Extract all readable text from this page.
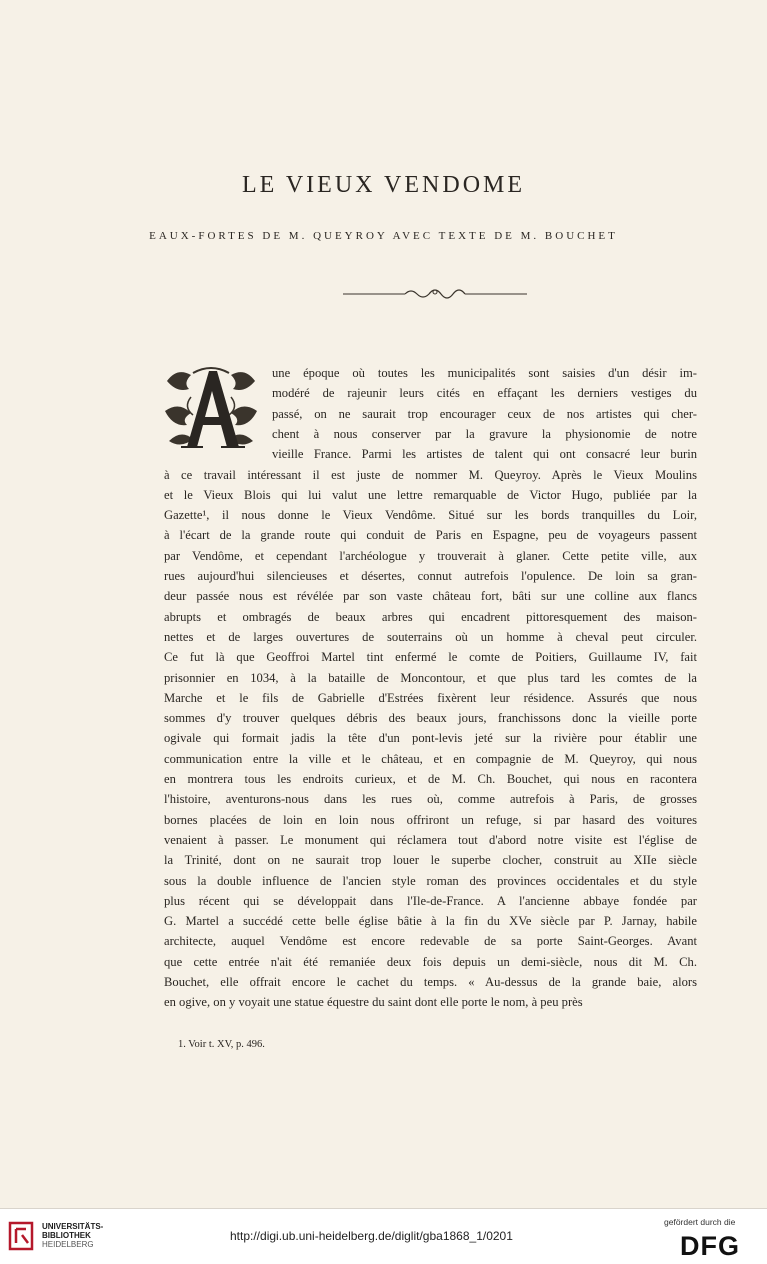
LE VIEUX VENDOME
EAUX-FORTES DE M. QUEYROY AVEC TEXTE DE M. BOUCHET
une époque où toutes les municipalités sont saisies d'un désir im-
modéré de rajeunir leurs cités en effaçant les derniers vestiges du
passé, on ne saurait trop encourager ceux de nos artistes qui cher-
chent à nous conserver par la gravure la physionomie de notre
vieille France. Parmi les artistes de talent qui ont consacré leur burin
à ce travail intéressant il est juste de nommer M. Queyroy. Après le Vieux Moulins
et le Vieux Blois qui lui valut une lettre remarquable de Victor Hugo, publiée par la
Gazette¹, il nous donne le Vieux Vendôme. Situé sur les bords tranquilles du Loir,
à l'écart de la grande route qui conduit de Paris en Espagne, peu de voyageurs passent
par Vendôme, et cependant l'archéologue y trouverait à glaner. Cette petite ville, aux
rues aujourd'hui silencieuses et désertes, connut autrefois l'opulence. De loin sa gran-
deur passée nous est révélée par son vaste château fort, bâti sur une colline aux flancs
abrupts et ombragés de beaux arbres qui encadrent pittoresquement des maison-
nettes et de larges ouvertures de souterrains où un homme à cheval peut circuler.
Ce fut là que Geoffroi Martel tint enfermé le comte de Poitiers, Guillaume IV, fait
prisonnier en 1034, à la bataille de Moncontour, et que plus tard les comtes de la
Marche et le fils de Gabrielle d'Estrées fixèrent leur résidence. Assurés que nous
sommes d'y trouver quelques débris des beaux jours, franchissons donc la vieille porte
ogivale qui formait jadis la tête d'un pont-levis jeté sur la rivière pour établir une
communication entre la ville et le château, et en compagnie de M. Queyroy, qui nous
en montrera tous les endroits curieux, et de M. Ch. Bouchet, qui nous en racontera
l'histoire, aventurons-nous dans les rues où, comme autrefois à Paris, de grosses
bornes placées de loin en loin nous offriront un refuge, si par hasard des voitures
venaient à passer. Le monument qui réclamera tout d'abord notre visite est l'église de
la Trinité, dont on ne saurait trop louer le superbe clocher, construit au XIIe siècle
sous la double influence de l'ancien style roman des provinces occidentales et du style
plus récent qui se développait dans l'Ile-de-France. A l'ancienne abbaye fondée par
G. Martel a succédé cette belle église bâtie à la fin du XVe siècle par P. Jarnay, habile
architecte, auquel Vendôme est encore redevable de sa porte Saint-Georges. Avant
que cette entrée n'ait été remaniée deux fois depuis un demi-siècle, nous dit M. Ch.
Bouchet, elle offrait encore le cachet du temps. « Au-dessus de la grande baie, alors
en ogive, on y voyait une statue équestre du saint dont elle porte le nom, à peu près
1. Voir t. XV, p. 496.
UNIVERSITÄTS-
BIBLIOTHEK
HEIDELBERG
http://digi.ub.uni-heidelberg.de/diglit/gba1868_1/0201
gefördert durch die
DFG
